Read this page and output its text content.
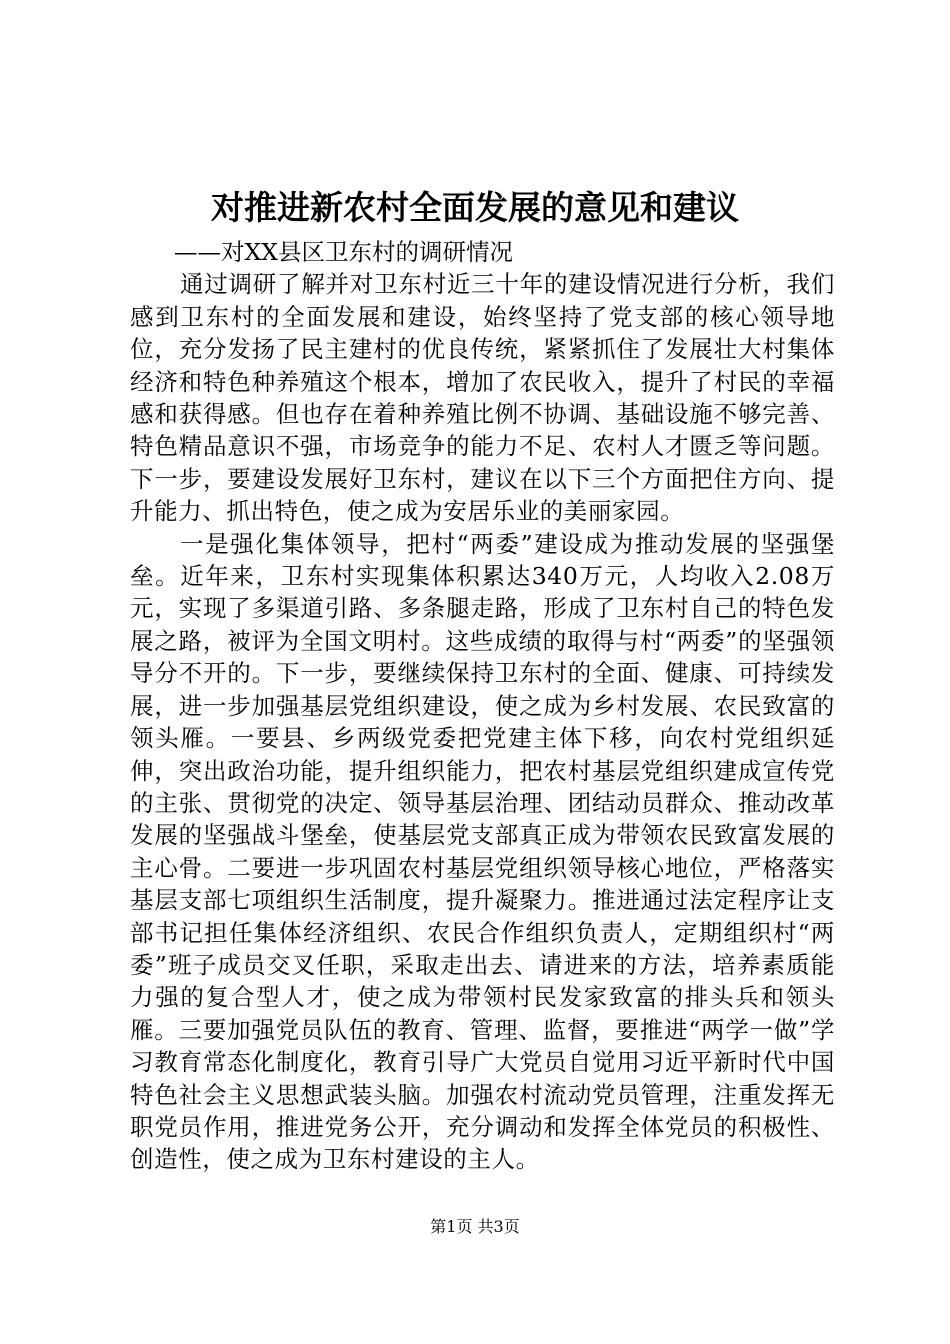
对推进新农村全面发展的意见和建议

——对XX县区卫东村的调研情况

通过调研了解并对卫东村近三十年的建设情况进行分析，我们感到卫东村的全面发展和建设，始终坚持了党支部的核心领导地位，充分发扬了民主建村的优良传统，紧紧抓住了发展壮大村集体经济和特色种养殖这个根本，增加了农民收入，提升了村民的幸福感和获得感。但也存在着种养殖比例不协调、基础设施不够完善、特色精品意识不强，市场竞争的能力不足、农村人才匮乏等问题。下一步，要建设发展好卫东村，建议在以下三个方面把住方向、提升能力、抓出特色，使之成为安居乐业的美丽家园。

一是强化集体领导，把村“两委”建设成为推动发展的坚强堡垒。近年来，卫东村实现集体积累达340万元，人均收入2.08万元，实现了多渠道引路、多条腿走路，形成了卫东村自己的特色发展之路，被评为全国文明村。这些成绩的取得与村“两委”的坚强领导分不开的。下一步，要继续保持卫东村的全面、健康、可持续发展，进一步加强基层党组织建设，使之成为乡村发展、农民致富的领头雁。一要县、乡两级党委把党建主体下移，向农村党组织延伸，突出政治功能，提升组织能力，把农村基层党组织建成宣传党的主张、贯彻党的决定、领导基层治理、团结动员群众、推动改革发展的坚强战斗堡垒，使基层党支部真正成为带领农民致富发展的主心骨。二要进一步巩固农村基层党组织领导核心地位，严格落实基层支部七项组织生活制度，提升凝聚力。推进通过法定程序让支部书记担任集体经济组织、农民合作组织负责人，定期组织村“两委”班子成员交叉任职，采取走出去、请进来的方法，培养素质能力强的复合型人才，使之成为带领村民发家致富的排头兵和领头雁。三要加强党员队伍的教育、管理、监督，要推进“两学一做”学习教育常态化制度化，教育引导广大党员自觉用习近平新时代中国特色社会主义思想武装头脑。加强农村流动党员管理，注重发挥无职党员作用，推进党务公开，充分调动和发挥全体党员的积极性、创造性，使之成为卫东村建设的主人。

第1页 共3页
